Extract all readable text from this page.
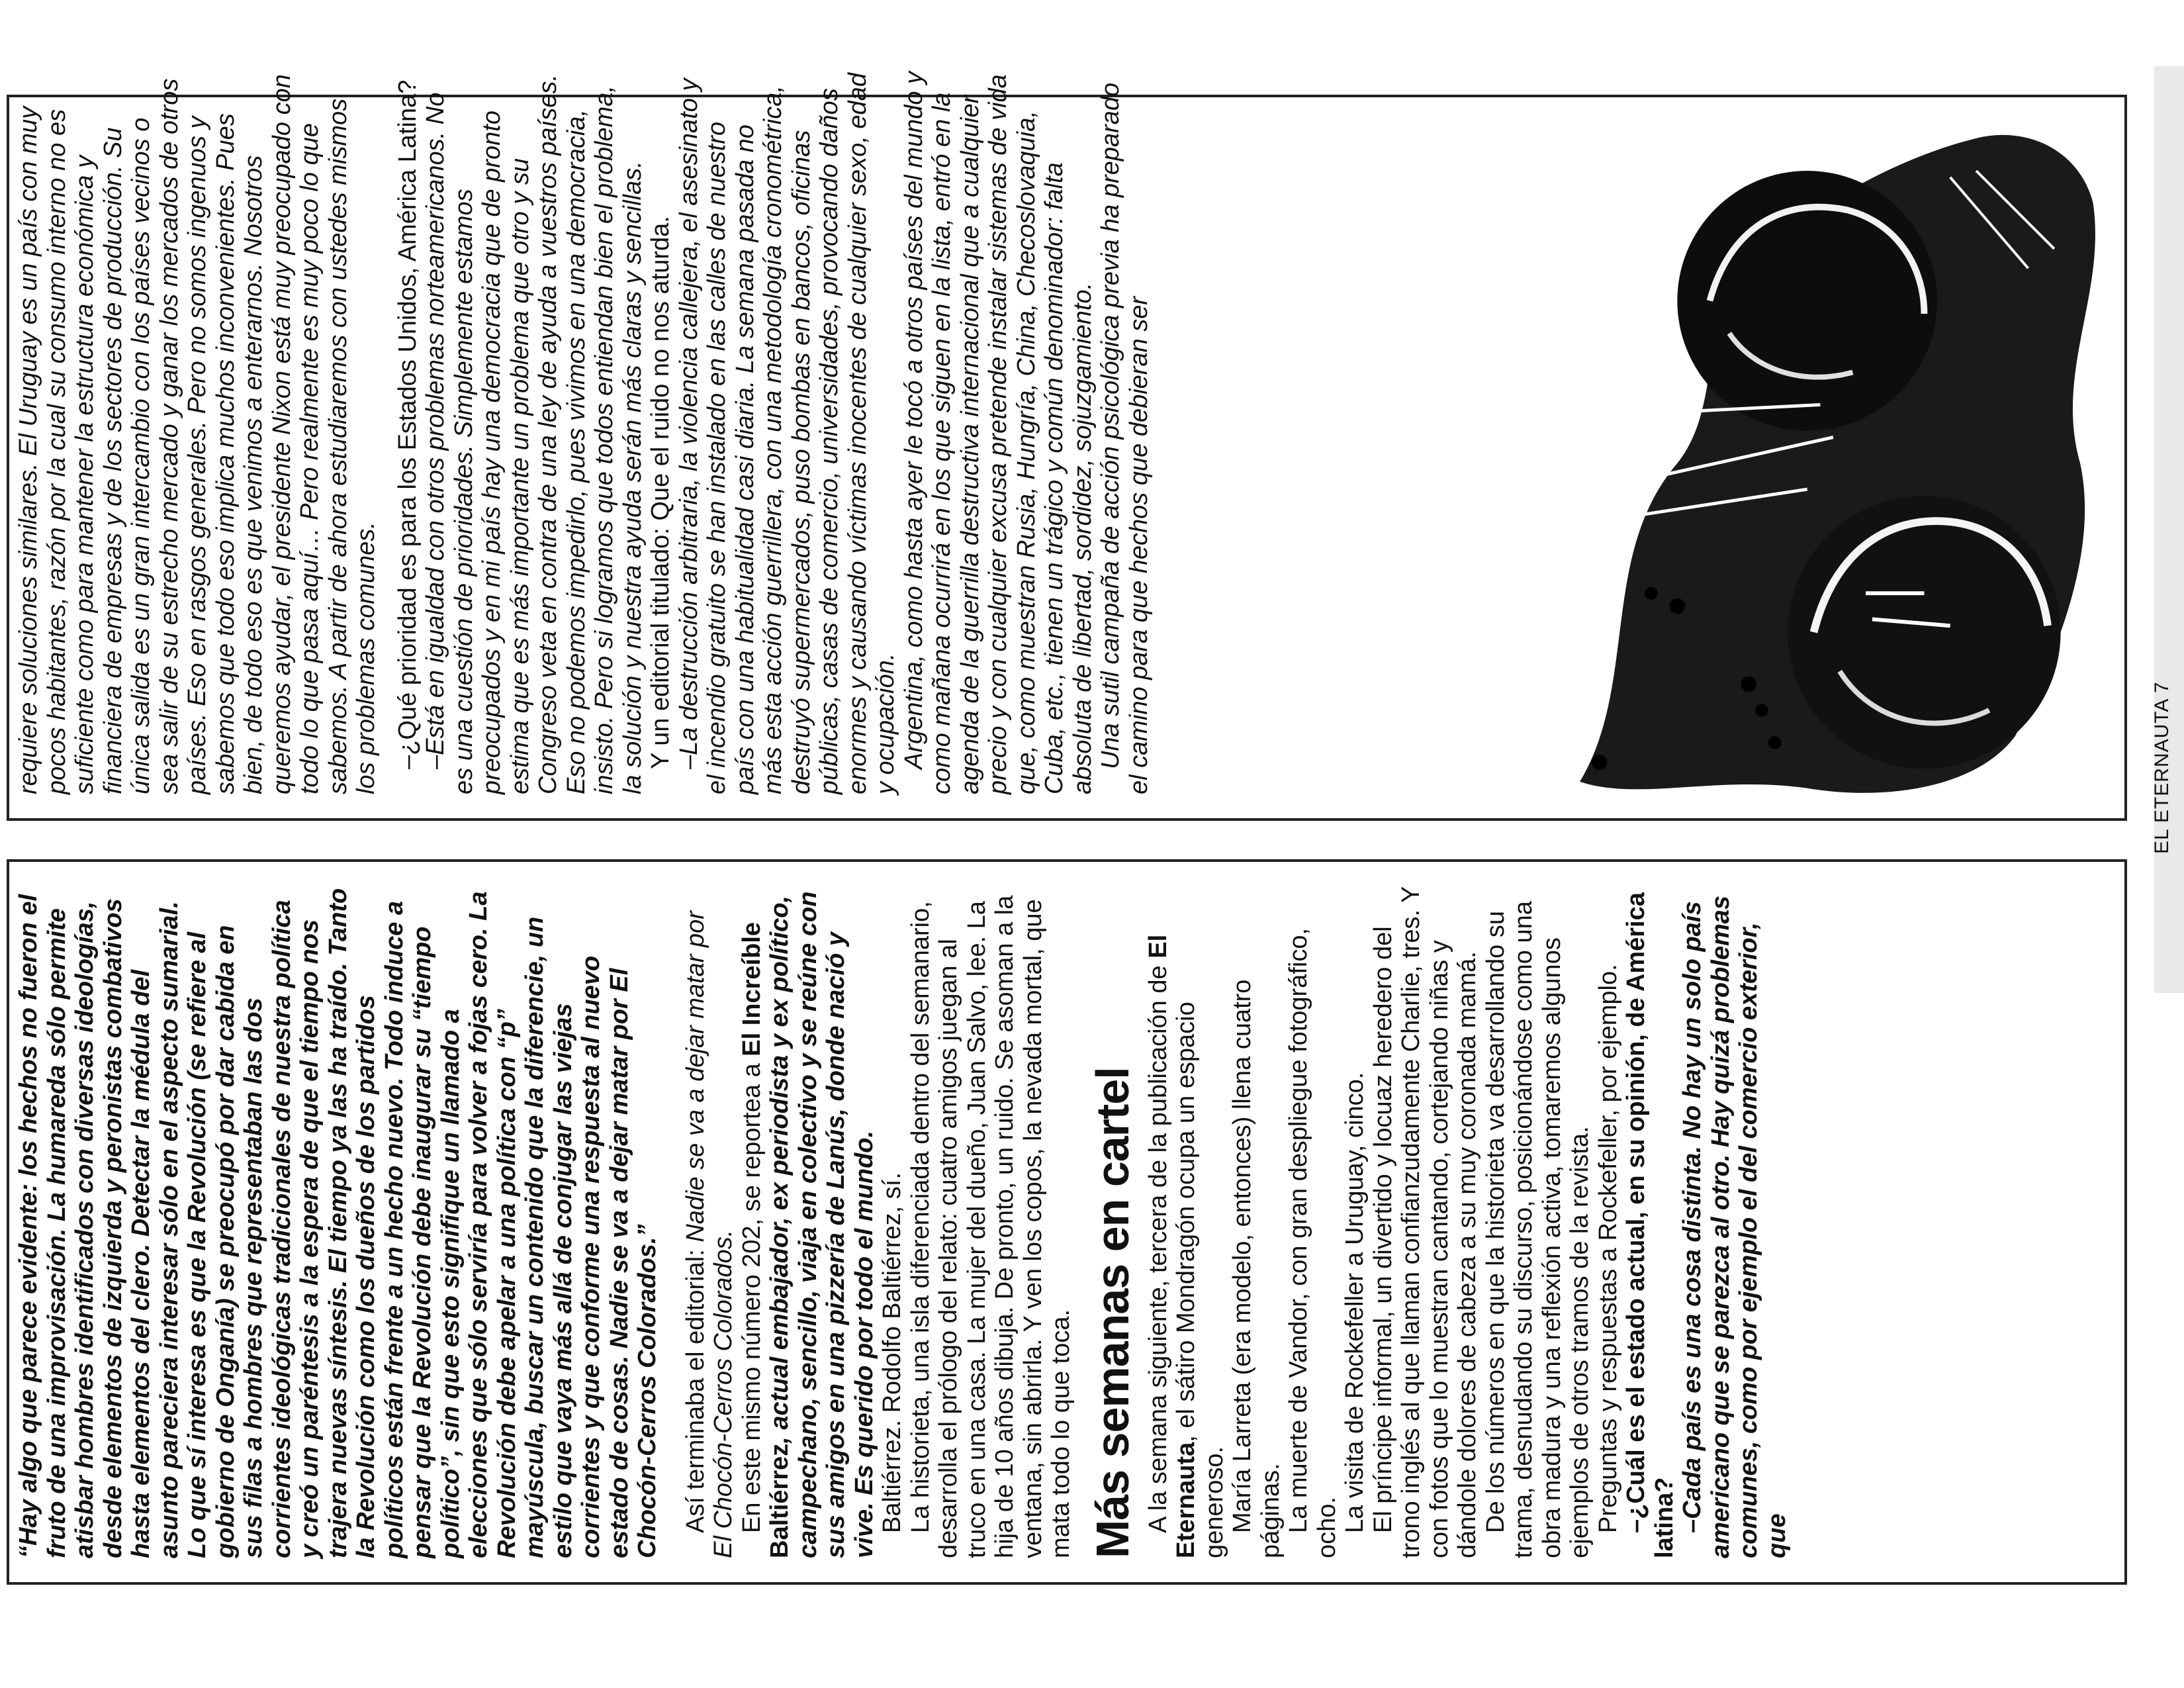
“Hay algo que parece evidente: los hechos no fueron el fruto de una improvisación. La humareda sólo permite atisbar hombres identificados con diversas ideologías, desde elementos de izquierda y peronistas combativos hasta elementos del clero. Detectar la médula del asunto pareciera interesar sólo en el aspecto sumarial. Lo que sí interesa es que la Revolución (se refiere al gobierno de Onganía) se preocupó por dar cabida en sus filas a hombres que representaban las dos corrientes ideológicas tradicionales de nuestra política y creó un paréntesis a la espera de que el tiempo nos trajera nuevas síntesis. El tiempo ya las ha traído. Tanto la Revolución como los dueños de los partidos políticos están frente a un hecho nuevo. Todo induce a pensar que la Revolución debe inaugurar su “tiempo político”, sin que esto signifique un llamado a elecciones que sólo serviría para volver a fojas cero. La Revolución debe apelar a una política con “p” mayúscula, buscar un contenido que la diferencie, un estilo que vaya más allá de conjugar las viejas corrientes y que conforme una respuesta al nuevo estado de cosas. Nadie se va a dejar matar por El Chocón-Cerros Colorados.” Así terminaba el editorial: Nadie se va a dejar matar por El Chocón-Cerros Colorados. En este mismo número 202, se reportea a El Increíble Baltiérrez, actual embajador, ex periodista y ex político, campechano, sencillo, viaja en colectivo y se reúne con sus amigos en una pizzería de Lanús, donde nació y vive. Es querido por todo el mundo. Baltiérrez. Rodolfo Baltiérrez, sí. La historieta, una isla diferenciada dentro del semanario, desarrolla el prólogo del relato: cuatro amigos juegan al truco en una casa. La mujer del dueño, Juan Salvo, lee. La hija de 10 años dibuja. De pronto, un ruido. Se asoman a la ventana, sin abrirla. Y ven los copos, la nevada mortal, que mata todo lo que toca. Más semanas en cartel A la semana siguiente, tercera de la publicación de El Eternauta, el sátiro Mondragón ocupa un espacio generoso. María Larreta (era modelo, entonces) llena cuatro páginas. La muerte de Vandor, con gran despliegue fotográfico, ocho. La visita de Rockefeller a Uruguay, cinco. El príncipe informal, un divertido y locuaz heredero del trono inglés al que llaman confianzudamente Charlie, tres. Y con fotos que lo muestran cantando, cortejando niñas y dándole dolores de cabeza a su muy coronada mamá. De los números en que la historieta va desarrollando su trama, desnudando su discurso, posicionándose como una obra madura y una reflexión activa, tomaremos algunos ejemplos de otros tramos de la revista. Preguntas y respuestas a Rockefeller, por ejemplo. –¿Cuál es el estado actual, en su opinión, de América latina? –Cada país es una cosa distinta. No hay un solo país americano que se parezca al otro. Hay quizá problemas comunes, como por ejemplo el del comercio exterior, que

requiere soluciones similares. El Uruguay es un país con muy pocos habitantes, razón por la cual su consumo interno no es suficiente como para mantener la estructura económica y financiera de empresas y de los sectores de producción. Su única salida es un gran intercambio con los países vecinos o sea salir de su estrecho mercado y ganar los mercados de otros países. Eso en rasgos generales. Pero no somos ingenuos y sabemos que todo eso implica muchos inconvenientes. Pues bien, de todo eso es que venimos a enterarnos. Nosotros queremos ayudar, el presidente Nixon está muy preocupado con todo lo que pasa aquí… Pero realmente es muy poco lo que sabemos. A partir de ahora estudiaremos con ustedes mismos los problemas comunes. –¿Qué prioridad es para los Estados Unidos, América Latina? –Está en igualdad con otros problemas norteamericanos. No es una cuestión de prioridades. Simplemente estamos preocupados y en mi país hay una democracia que de pronto estima que es más importante un problema que otro y su Congreso veta en contra de una ley de ayuda a vuestros países. Eso no podemos impedirlo, pues vivimos en una democracia, insisto. Pero si logramos que todos entiendan bien el problema, la solución y nuestra ayuda serán más claras y sencillas. Y un editorial titulado: Que el ruido no nos aturda. –La destrucción arbitraria, la violencia callejera, el asesinato y el incendio gratuito se han instalado en las calles de nuestro país con una habitualidad casi diaria. La semana pasada no más esta acción guerrillera, con una metodología cronométrica, destruyó supermercados, puso bombas en bancos, oficinas públicas, casas de comercio, universidades, provocando daños enormes y causando víctimas inocentes de cualquier sexo, edad y ocupación. Argentina, como hasta ayer le tocó a otros países del mundo y como mañana ocurrirá en los que siguen en la lista, entró en la agenda de la guerrilla destructiva internacional que a cualquier precio y con cualquier excusa pretende instalar sistemas de vida que, como muestran Rusia, Hungría, China, Checoslovaquia, Cuba, etc., tienen un trágico y común denominador: falta absoluta de libertad, sordidez, sojuzgamiento. Una sutil campaña de acción psicológica previa ha preparado el camino para que hechos que debieran ser	EL ETERNAUTA 7
